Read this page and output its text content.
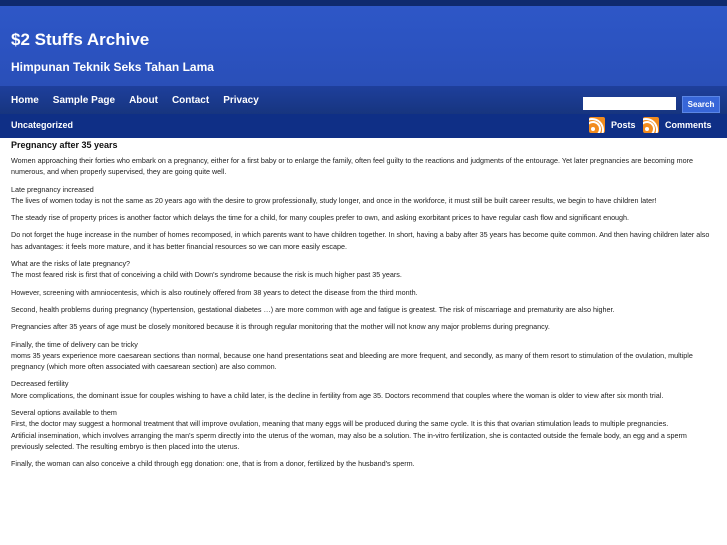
$2 Stuffs Archive
Himpunan Teknik Seks Tahan Lama
Home Sample Page About Contact Privacy	Search
Uncategorized	Posts	Comments
Pregnancy after 35 years

Women approaching their forties who embark on a pregnancy, either for a first baby or to enlarge the family, often feel guilty to the reactions and judgments of the entourage. Yet later pregnancies are becoming more numerous, and when properly supervised, they are going quite well.

Late pregnancy increased
The lives of women today is not the same as 20 years ago with the desire to grow professionally, study longer, and once in the workforce, it must still be built career results, we begin to have children later!

The steady rise of property prices is another factor which delays the time for a child, for many couples prefer to own, and asking exorbitant prices to have regular cash flow and significant enough.

Do not forget the huge increase in the number of homes recomposed, in which parents want to have children together. In short, having a baby after 35 years has become quite common. And then having children later also has advantages: it feels more mature, and it has better financial resources so we can more easily escape.

What are the risks of late pregnancy?
The most feared risk is first that of conceiving a child with Down's syndrome because the risk is much higher past 35 years.

However, screening with amniocentesis, which is also routinely offered from 38 years to detect the disease from the third month.

Second, health problems during pregnancy (hypertension, gestational diabetes …) are more common with age and fatigue is greatest. The risk of miscarriage and prematurity are also higher.

Pregnancies after 35 years of age must be closely monitored because it is through regular monitoring that the mother will not know any major problems during pregnancy.

Finally, the time of delivery can be tricky
moms 35 years experience more caesarean sections than normal, because one hand presentations seat and bleeding are more frequent, and secondly, as many of them resort to stimulation of the ovulation, multiple pregnancy (which more often associated with caesarean section) are also common.

Decreased fertility
More complications, the dominant issue for couples wishing to have a child later, is the decline in fertility from age 35. Doctors recommend that couples where the woman is older to view after six month trial.

Several options available to them
First, the doctor may suggest a hormonal treatment that will improve ovulation, meaning that many eggs will be produced during the same cycle. It is this that ovarian stimulation leads to multiple pregnancies.
Artificial insemination, which involves arranging the man's sperm directly into the uterus of the woman, may also be a solution. The in-vitro fertilization, she is contacted outside the female body, an egg and a sperm previously selected. The resulting embryo is then placed into the uterus.

Finally, the woman can also conceive a child through egg donation: one, that is from a donor, fertilized by the husband's sperm.
